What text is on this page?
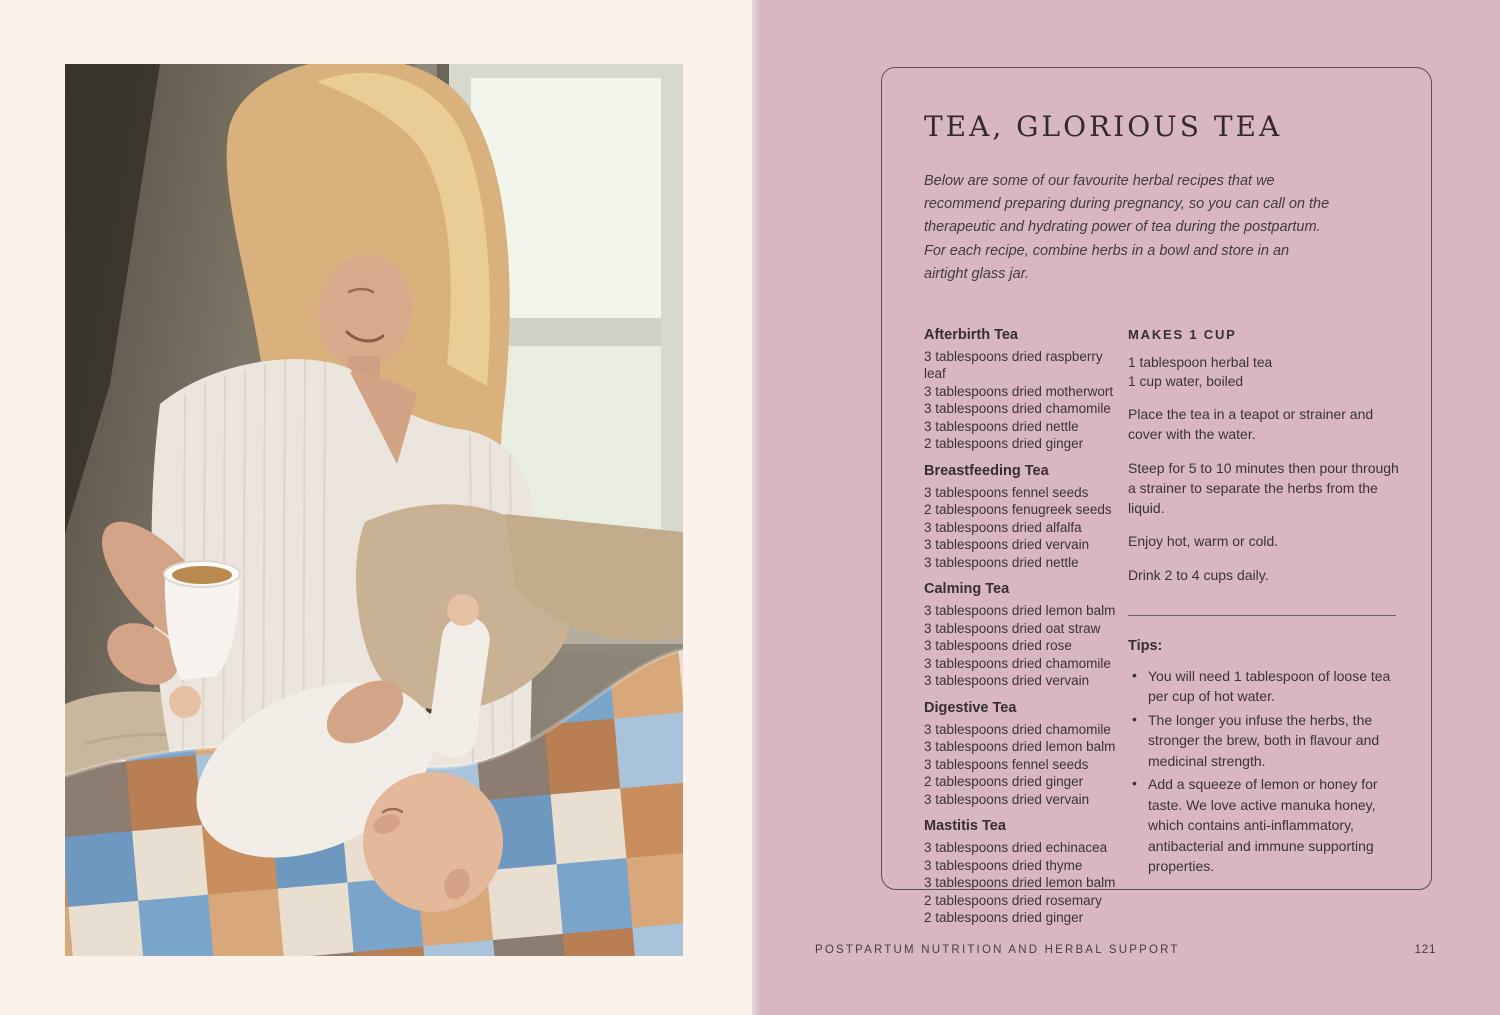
TEA, GLORIOUS TEA

Below are some of our favourite herbal recipes that we recommend preparing during pregnancy, so you can call on the therapeutic and hydrating power of tea during the postpartum. For each recipe, combine herbs in a bowl and store in an airtight glass jar.

Afterbirth Tea

3 tablespoons dried raspberry leaf

3 tablespoons dried motherwort

3 tablespoons dried chamomile

3 tablespoons dried nettle

2 tablespoons dried ginger

Breastfeeding Tea

3 tablespoons fennel seeds

2 tablespoons fenugreek seeds

3 tablespoons dried alfalfa

3 tablespoons dried vervain

3 tablespoons dried nettle

Calming Tea

3 tablespoons dried lemon balm

3 tablespoons dried oat straw

3 tablespoons dried rose

3 tablespoons dried chamomile

3 tablespoons dried vervain

Digestive Tea

3 tablespoons dried chamomile

3 tablespoons dried lemon balm

3 tablespoons fennel seeds

2 tablespoons dried ginger

3 tablespoons dried vervain

Mastitis Tea

3 tablespoons dried echinacea

3 tablespoons dried thyme

3 tablespoons dried lemon balm

2 tablespoons dried rosemary

2 tablespoons dried ginger

MAKES 1 CUP

1 tablespoon herbal tea

1 cup water, boiled

Place the tea in a teapot or strainer and cover with the water.

Steep for 5 to 10 minutes then pour through a strainer to separate the herbs from the liquid.

Enjoy hot, warm or cold.

Drink 2 to 4 cups daily.

Tips:
• You will need 1 tablespoon of loose tea per cup of hot water.
• The longer you infuse the herbs, the stronger the brew, both in flavour and medicinal strength.
• Add a squeeze of lemon or honey for taste. We love active manuka honey, which contains anti-inflammatory, antibacterial and immune supporting properties.
POSTPARTUM NUTRITION AND HERBAL SUPPORT	121
